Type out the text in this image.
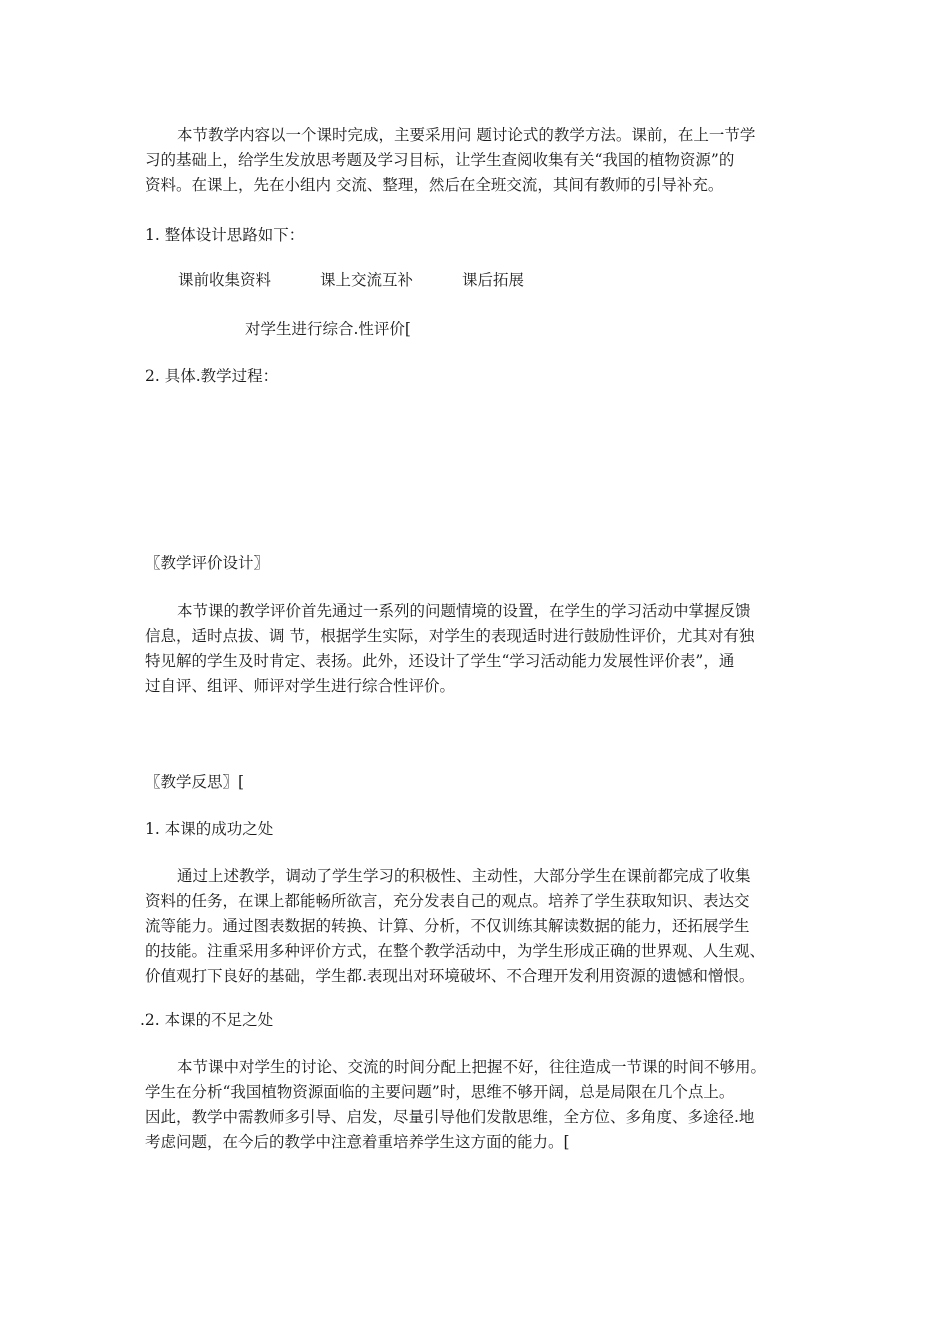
本节教学内容以一个课时完成，主要采用问 题讨论式的教学方法。课前，在上一节学
习的基础上，给学生发放思考题及学习目标，让学生查阅收集有关“我国的植物资源”的
资料。在课上，先在小组内 交流、整理，然后在全班交流，其间有教师的引导补充。

1. 整体设计思路如下：

课前收集资料	课上交流互补	课后拓展

对学生进行综合.性评价[

2. 具体.教学过程：

〖教学评价设计〗

本节课的教学评价首先通过一系列的问题情境的设置，在学生的学习活动中掌握反馈
信息，适时点拔、调 节，根据学生实际，对学生的表现适时进行鼓励性评价，尤其对有独
特见解的学生及时肯定、表扬。此外，还设计了学生“学习活动能力发展性评价表”，通
过自评、组评、师评对学生进行综合性评价。

〖教学反思〗[

1. 本课的成功之处

通过上述教学，调动了学生学习的积极性、主动性，大部分学生在课前都完成了收集
资料的任务，在课上都能畅所欲言，充分发表自己的观点。培养了学生获取知识、表达交
流等能力。通过图表数据的转换、计算、分析，不仅训练其解读数据的能力，还拓展学生
的技能。注重采用多种评价方式，在整个教学活动中，为学生形成正确的世界观、人生观、
价值观打下良好的基础，学生都.表现出对环境破坏、不合理开发利用资源的遗憾和憎恨。

.2. 本课的不足之处

本节课中对学生的讨论、交流的时间分配上把握不好，往往造成一节课的时间不够用。
学生在分析“我国植物资源面临的主要问题”时，思维不够开阔，总是局限在几个点上。
因此，教学中需教师多引导、启发，尽量引导他们发散思维，全方位、多角度、多途径.地
考虑问题，在今后的教学中注意着重培养学生这方面的能力。[
